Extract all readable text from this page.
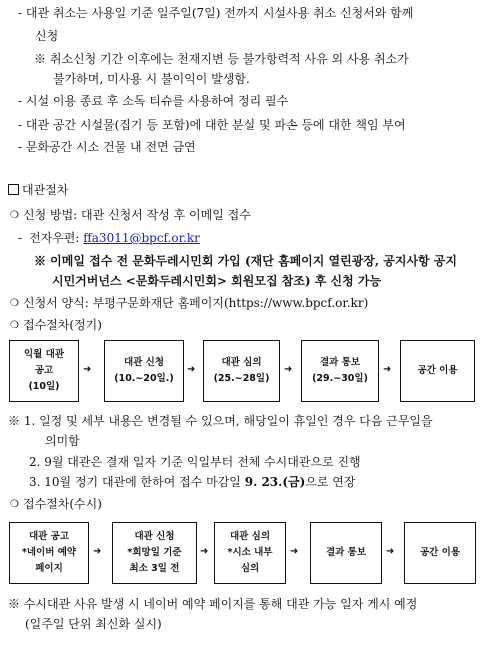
- 대관 취소는 사용일 기준 일주일(7일) 전까지 시설사용 취소 신청서와 함께
신청
※ 취소신청 기간 이후에는 천재지변 등 불가항력적 사유 외 사용 취소가
불가하며, 미사용 시 불이익이 발생함.
- 시설 이용 종료 후 소독 티슈를 사용하여 정리 필수
- 대관 공간 시설물(집기 등 포함)에 대한 분실 및 파손 등에 대한 책임 부여
- 문화공간 시소 건물 내 전면 금연
대관절차
❍ 신청 방법: 대관 신청서 작성 후 이메일 접수
- 전자우편: ffa3011@bpcf.or.kr
※ 이메일 접수 전 문화두레시민회 가입 (재단 홈페이지 열린광장, 공지사항 공지
시민거버넌스 <문화두레시민회> 회원모집 참조) 후 신청 가능
❍ 신청서 양식: 부평구문화재단 홈페이지(https://www.bpcf.or.kr)
❍ 접수절차(정기)
익월 대관
공고
(10일)
➜
대관 신청
(10.~20일.)
➜
대관 심의
(25.~28일)
➜
결과 통보
(29.~30일)
➜	공간 이용
※ 1. 일정 및 세부 내용은 변경될 수 있으며, 해당일이 휴일인 경우 다음 근무일을
의미함
2. 9월 대관은 결재 일자 기준 익일부터 전체 수시대관으로 진행
3. 10월 정기 대관에 한하여 접수 마감일 9. 23.(금)으로 연장
❍ 접수절차(수시)
대관 공고
*네이버 예약
페이지
➜
대관 신청
*희망일 기준
최소 3일 전
➜
대관 심의
*시소 내부
심의
➜	결과 통보	➜	공간 이용
※ 수시대관 사유 발생 시 네이버 예약 페이지를 통해 대관 가능 일자 게시 예정
(일주일 단위 최신화 실시)
